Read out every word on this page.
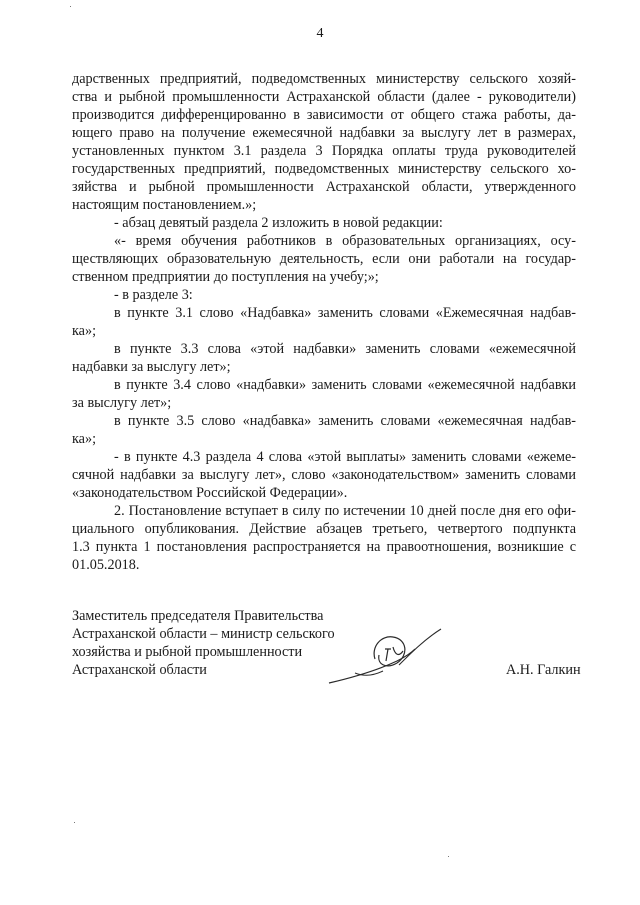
4
дарственных предприятий, подведомственных министерству сельского хозяй-
ства и рыбной промышленности Астраханской области (далее - руководители)
производится дифференцированно в зависимости от общего стажа работы, да-
ющего право на получение ежемесячной надбавки за выслугу лет в размерах,
установленных пунктом 3.1 раздела 3 Порядка оплаты труда руководителей
государственных предприятий, подведомственных министерству сельского хо-
зяйства и рыбной промышленности Астраханской области, утвержденного
настоящим постановлением.»;
- абзац девятый раздела 2 изложить в новой редакции:
«- время обучения работников в образовательных организациях, осу-
ществляющих образовательную деятельность, если они работали на государ-
ственном предприятии до поступления на учебу;»;
- в разделе 3:
в пункте 3.1 слово «Надбавка» заменить словами «Ежемесячная надбав-
ка»;
в пункте 3.3 слова «этой надбавки» заменить словами «ежемесячной
надбавки за выслугу лет»;
в пункте 3.4 слово «надбавки» заменить словами «ежемесячной надбавки
за выслугу лет»;
в пункте 3.5 слово «надбавка» заменить словами «ежемесячная надбав-
ка»;
- в пункте 4.3 раздела 4 слова «этой выплаты» заменить словами «ежеме-
сячной надбавки за выслугу лет», слово «законодательством» заменить словами
«законодательством Российской Федерации».
2. Постановление вступает в силу по истечении 10 дней после дня его офи-
циального опубликования. Действие абзацев третьего, четвертого подпункта
1.3 пункта 1 постановления распространяется на правоотношения, возникшие с
01.05.2018.
Заместитель председателя Правительства
Астраханской области – министр сельского
хозяйства и рыбной промышленности
Астраханской области	А.Н. Галкин
